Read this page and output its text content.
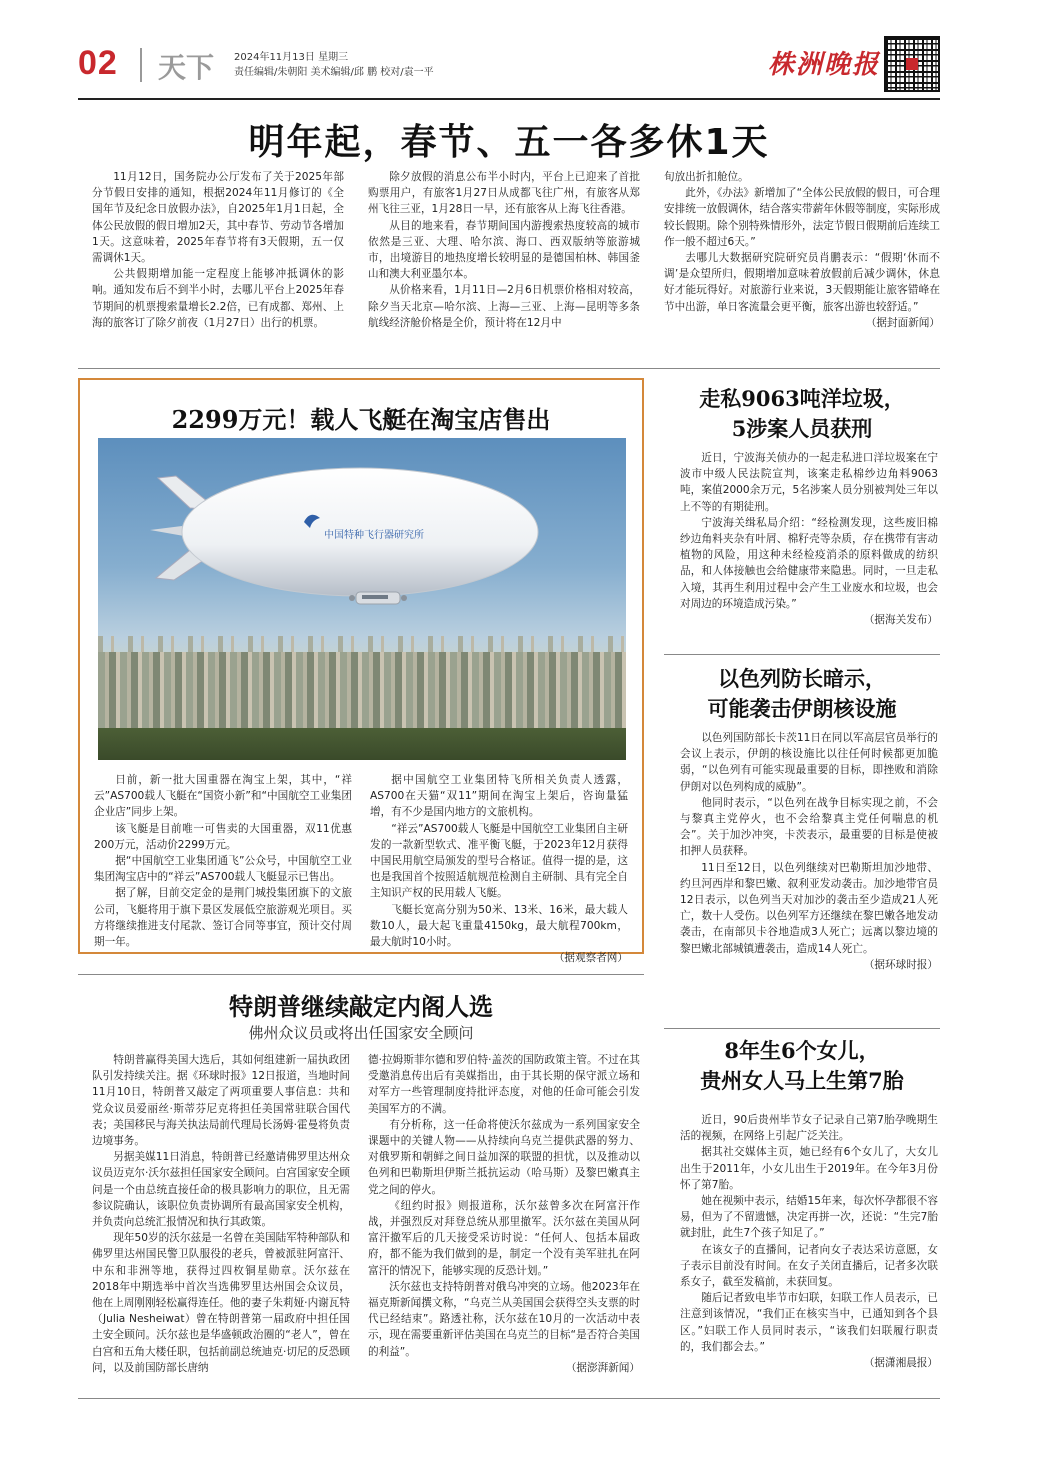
02 天下 2024年11月13日 星期三
责任编辑/朱朝阳 美术编辑/邱 鹏 校对/袁一平	株洲晚报
明年起，春节、五一各多休1天

11月12日，国务院办公厅发布了关于2025年部分节假日安排的通知，根据2024年11月修订的《全国年节及纪念日放假办法》，自2025年1月1日起，全体公民放假的假日增加2天，其中春节、劳动节各增加1天。这意味着，2025年春节将有3天假期，五一仅需调休1天。

公共假期增加能一定程度上能够冲抵调休的影响。通知发布后不到半小时，去哪儿平台上2025年春节期间的机票搜索量增长2.2倍，已有成都、郑州、上海的旅客订了除夕前夜（1月27日）出行的机票。

除夕放假的消息公布半小时内，平台上已迎来了首批购票用户，有旅客1月27日从成都飞往广州，有旅客从郑州飞往三亚，1月28日一早，还有旅客从上海飞往香港。

从目的地来看，春节期间国内游搜索热度较高的城市依然是三亚、大理、哈尔滨、海口、西双版纳等旅游城市，出境游目的地热度增长较明显的是德国柏林、韩国釜山和澳大利亚墨尔本。

从价格来看，1月11日—2月6日机票价格相对较高，除夕当天北京—哈尔滨、上海—三亚、上海—昆明等多条航线经济舱价格是全价，预计将在12月中

旬放出折扣舱位。

此外，《办法》新增加了“全体公民放假的假日，可合理安排统一放假调休，结合落实带薪年休假等制度，实际形成较长假期。除个别特殊情形外，法定节假日假期前后连续工作一般不超过6天。”

去哪儿大数据研究院研究员肖鹏表示：“假期‘休而不调’是众望所归，假期增加意味着放假前后减少调休，休息好才能玩得好。对旅游行业来说，3天假期能让旅客错峰在节中出游，单日客流量会更平衡，旅客出游也较舒适。”

（据封面新闻）
2299万元！载人飞艇在淘宝店售出
中国特种飞行器研究所

日前，新一批大国重器在淘宝上架，其中，“祥云”AS700载人飞艇在“国资小新”和“中国航空工业集团企业店”同步上架。

该飞艇是目前唯一可售卖的大国重器，双11优惠200万元，活动价2299万元。

据“中国航空工业集团通飞”公众号，中国航空工业集团淘宝店中的“祥云”AS700载人飞艇显示已售出。

据了解，目前交定金的是荆门城投集团旗下的文旅公司，飞艇将用于旗下景区发展低空旅游观光项目。买方将继续推进支付尾款、签订合同等事宜，预计交付周期一年。

据中国航空工业集团特飞所相关负责人透露，AS700在天猫“双11”期间在淘宝上架后，咨询量猛增，有不少是国内地方的文旅机构。

“祥云”AS700载人飞艇是中国航空工业集团自主研发的一款新型软式、准平衡飞艇，于2023年12月获得中国民用航空局颁发的型号合格证。值得一提的是，这也是我国首个按照适航规范检测自主研制、具有完全自主知识产权的民用载人飞艇。

飞艇长宽高分别为50米、13米、16米，最大载人数10人，最大起飞重量4150kg，最大航程700km，最大航时10小时。

（据观察者网）
走私9063吨洋垃圾，
5涉案人员获刑

近日，宁波海关侦办的一起走私进口洋垃圾案在宁波市中级人民法院宣判，该案走私棉纱边角料9063吨，案值2000余万元，5名涉案人员分别被判处三年以上不等的有期徒刑。

宁波海关缉私局介绍：“经检测发现，这些废旧棉纱边角料夹杂有叶屑、棉籽壳等杂质，存在携带有害动植物的风险，用这种未经检疫消杀的原料做成的纺织品，和人体接触也会给健康带来隐患。同时，一旦走私入境，其再生利用过程中会产生工业废水和垃圾，也会对周边的环境造成污染。”

（据海关发布）
以色列防长暗示，
可能袭击伊朗核设施

以色列国防部长卡茨11日在同以军高层官员举行的会议上表示，伊朗的核设施比以往任何时候都更加脆弱，“以色列有可能实现最重要的目标，即挫败和消除伊朗对以色列构成的威胁”。

他同时表示，“以色列在战争目标实现之前，不会与黎真主党停火，也不会给黎真主党任何喘息的机会”。关于加沙冲突，卡茨表示，最重要的目标是使被扣押人员获释。

11日至12日，以色列继续对巴勒斯坦加沙地带、约旦河西岸和黎巴嫩、叙利亚发动袭击。加沙地带官员12日表示，以色列当天对加沙的袭击至少造成21人死亡，数十人受伤。以色列军方还继续在黎巴嫩各地发动袭击，在南部贝卡谷地造成3人死亡；远离以黎边境的黎巴嫩北部城镇遭袭击，造成14人死亡。

（据环球时报）
8年生6个女儿，
贵州女人马上生第7胎

近日，90后贵州毕节女子记录自己第7胎孕晚期生活的视频，在网络上引起广泛关注。

据其社交媒体主页，她已经有6个女儿了，大女儿出生于2011年，小女儿出生于2019年。在今年3月份怀了第7胎。

她在视频中表示，结婚15年来，每次怀孕都很不容易，但为了不留遗憾，决定再拼一次，还说：“生完7胎就封肚，此生7个孩子知足了。”

在该女子的直播间，记者向女子表达采访意愿，女子表示目前没有时间。在女子关闭直播后，记者多次联系女子，截至发稿前，未获回复。

随后记者致电毕节市妇联，妇联工作人员表示，已注意到该情况，“我们正在核实当中，已通知到各个县区。”妇联工作人员同时表示，“该我们妇联履行职责的，我们都会去。”

（据潇湘晨报）
特朗普继续敲定内阁人选
佛州众议员或将出任国家安全顾问

特朗普赢得美国大选后，其如何组建新一届执政团队引发持续关注。据《环球时报》12日报道，当地时间11月10日，特朗普又敲定了两项重要人事信息：共和党众议员爱丽丝·斯蒂芬尼克将担任美国常驻联合国代表；美国移民与海关执法局前代理局长汤姆·霍曼将负责边境事务。

另据美媒11日消息，特朗普已经邀请佛罗里达州众议员迈克尔·沃尔兹担任国家安全顾问。白宫国家安全顾问是一个由总统直接任命的极具影响力的职位，且无需参议院确认，该职位负责协调所有最高国家安全机构，并负责向总统汇报情况和执行其政策。

现年50岁的沃尔兹是一名曾在美国陆军特种部队和佛罗里达州国民警卫队服役的老兵，曾被派驻阿富汗、中东和非洲等地，获得过四枚铜星勋章。沃尔兹在2018年中期选举中首次当选佛罗里达州国会众议员，他在上周刚刚轻松赢得连任。他的妻子朱莉娅·内谢瓦特（Julia Nesheiwat）曾在特朗普第一届政府中担任国土安全顾问。沃尔兹也是华盛顿政治圈的“老人”，曾在白宫和五角大楼任职，包括前副总统迪克·切尼的反恐顾问，以及前国防部长唐纳

德·拉姆斯菲尔德和罗伯特·盖茨的国防政策主管。不过在其受邀消息传出后有美媒指出，由于其长期的保守派立场和对军方一些管理制度持批评态度，对他的任命可能会引发美国军方的不满。

有分析称，这一任命将使沃尔兹成为一系列国家安全课题中的关键人物——从持续向乌克兰提供武器的努力、对俄罗斯和朝鲜之间日益加深的联盟的担忧，以及推动以色列和巴勒斯坦伊斯兰抵抗运动（哈马斯）及黎巴嫩真主党之间的停火。

《纽约时报》则报道称，沃尔兹曾多次在阿富汗作战，并强烈反对拜登总统从那里撤军。沃尔兹在美国从阿富汗撤军后的几天接受采访时说：“任何人、包括本届政府，都不能为我们做到的是，制定一个没有美军驻扎在阿富汗的情况下，能够实现的反恐计划。”

沃尔兹也支持特朗普对俄乌冲突的立场。他2023年在福克斯新闻撰文称，“乌克兰从美国国会获得空头支票的时代已经结束”。路透社称，沃尔兹在10月的一次活动中表示，现在需要重新评估美国在乌克兰的目标“是否符合美国的利益”。

（据澎湃新闻）
